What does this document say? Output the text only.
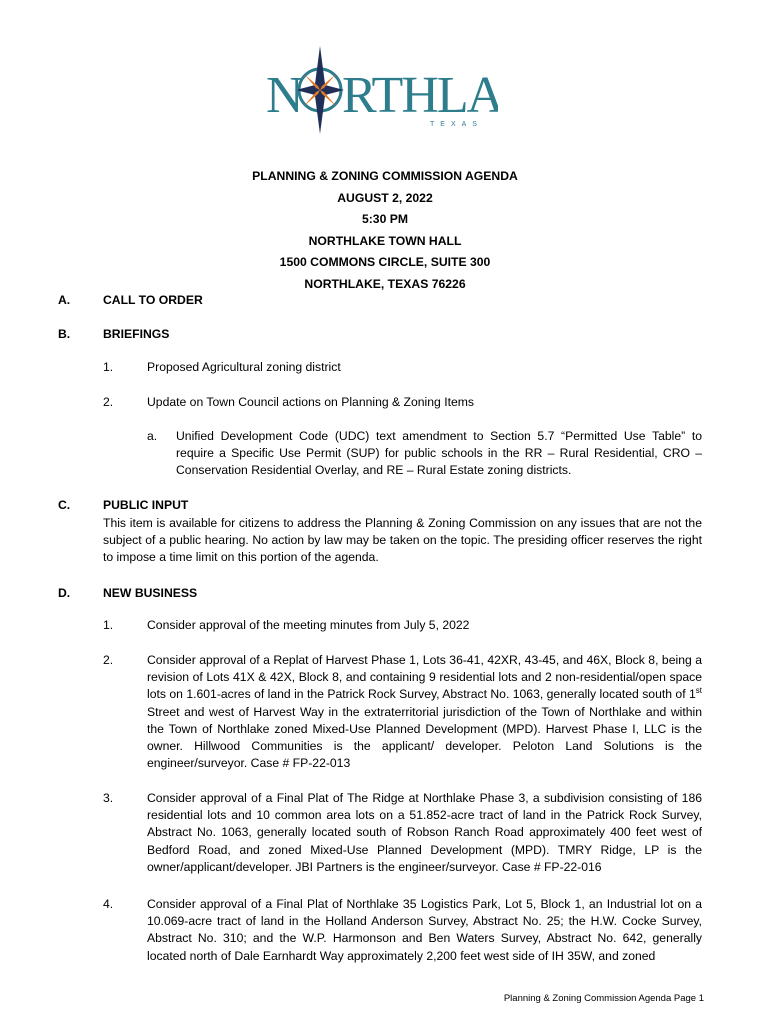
N RTHLA
TEXAS
PLANNING & ZONING COMMISSION AGENDA
AUGUST 2, 2022
5:30 PM
NORTHLAKE TOWN HALL
1500 COMMONS CIRCLE, SUITE 300
NORTHLAKE, TEXAS 76226
A.	CALL TO ORDER
B.	BRIEFINGS
1.	Proposed Agricultural zoning district
2.	Update on Town Council actions on Planning & Zoning Items
a. Unified Development Code (UDC) text amendment to Section 5.7 “Permitted Use Table” to require a Specific Use Permit (SUP) for public schools in the RR – Rural Residential, CRO – Conservation Residential Overlay, and RE – Rural Estate zoning districts.
C.	PUBLIC INPUT
This item is available for citizens to address the Planning & Zoning Commission on any issues that are not the subject of a public hearing. No action by law may be taken on the topic. The presiding officer reserves the right to impose a time limit on this portion of the agenda.
D.	NEW BUSINESS
1.	Consider approval of the meeting minutes from July 5, 2022
2.	Consider approval of a Replat of Harvest Phase 1, Lots 36-41, 42XR, 43-45, and 46X, Block 8, being a revision of Lots 41X & 42X, Block 8, and containing 9 residential lots and 2 non-residential/open space lots on 1.601-acres of land in the Patrick Rock Survey, Abstract No. 1063, generally located south of 1st Street and west of Harvest Way in the extraterritorial jurisdiction of the Town of Northlake and within the Town of Northlake zoned Mixed-Use Planned Development (MPD). Harvest Phase I, LLC is the owner. Hillwood Communities is the applicant/ developer. Peloton Land Solutions is the engineer/surveyor. Case # FP-22-013
3.	Consider approval of a Final Plat of The Ridge at Northlake Phase 3, a subdivision consisting of 186 residential lots and 10 common area lots on a 51.852-acre tract of land in the Patrick Rock Survey, Abstract No. 1063, generally located south of Robson Ranch Road approximately 400 feet west of Bedford Road, and zoned Mixed-Use Planned Development (MPD). TMRY Ridge, LP is the owner/applicant/developer. JBI Partners is the engineer/surveyor. Case # FP-22-016
4.	Consider approval of a Final Plat of Northlake 35 Logistics Park, Lot 5, Block 1, an Industrial lot on a 10.069-acre tract of land in the Holland Anderson Survey, Abstract No. 25; the H.W. Cocke Survey, Abstract No. 310; and the W.P. Harmonson and Ben Waters Survey, Abstract No. 642, generally located north of Dale Earnhardt Way approximately 2,200 feet west side of IH 35W, and zoned
Planning & Zoning Commission Agenda Page 1
